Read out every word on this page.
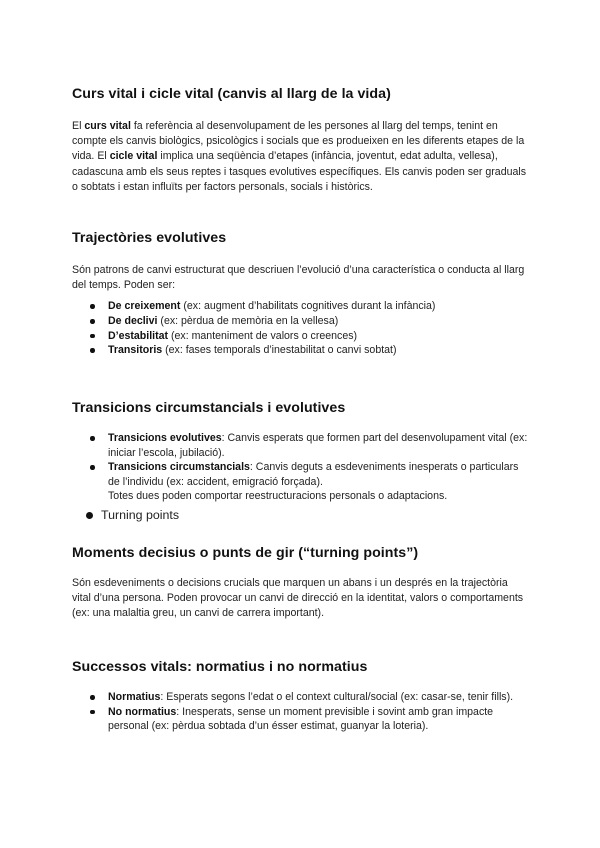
Curs vital i cicle vital (canvis al llarg de la vida)

El curs vital fa referència al desenvolupament de les persones al llarg del temps, tenint en compte els canvis biològics, psicològics i socials que es produeixen en les diferents etapes de la vida. El cicle vital implica una seqüència d’etapes (infància, joventut, edat adulta, vellesa), cadascuna amb els seus reptes i tasques evolutives específiques. Els canvis poden ser graduals o sobtats i estan influïts per factors personals, socials i històrics.

Trajectòries evolutives

Són patrons de canvi estructurat que descriuen l’evolució d’una característica o conducta al llarg del temps. Poden ser:

De creixement (ex: augment d’habilitats cognitives durant la infància)
De declivi (ex: pèrdua de memòria en la vellesa)
D’estabilitat (ex: manteniment de valors o creences)
Transitoris (ex: fases temporals d’inestabilitat o canvi sobtat)
Transicions circumstancials i evolutives
Transicions evolutives: Canvis esperats que formen part del desenvolupament vital (ex: iniciar l’escola, jubilació).
Transicions circumstancials: Canvis deguts a esdeveniments inesperats o particulars de l’individu (ex: accident, emigració forçada).
Totes dues poden comportar reestructuracions personals o adaptacions.
Turning points
Moments decisius o punts de gir (“turning points”)

Són esdeveniments o decisions crucials que marquen un abans i un després en la trajectòria vital d’una persona. Poden provocar un canvi de direcció en la identitat, valors o comportaments (ex: una malaltia greu, un canvi de carrera important).

Successos vitals: normatius i no normatius
Normatius: Esperats segons l’edat o el context cultural/social (ex: casar-se, tenir fills).
No normatius: Inesperats, sense un moment previsible i sovint amb gran impacte personal (ex: pèrdua sobtada d’un ésser estimat, guanyar la loteria).
